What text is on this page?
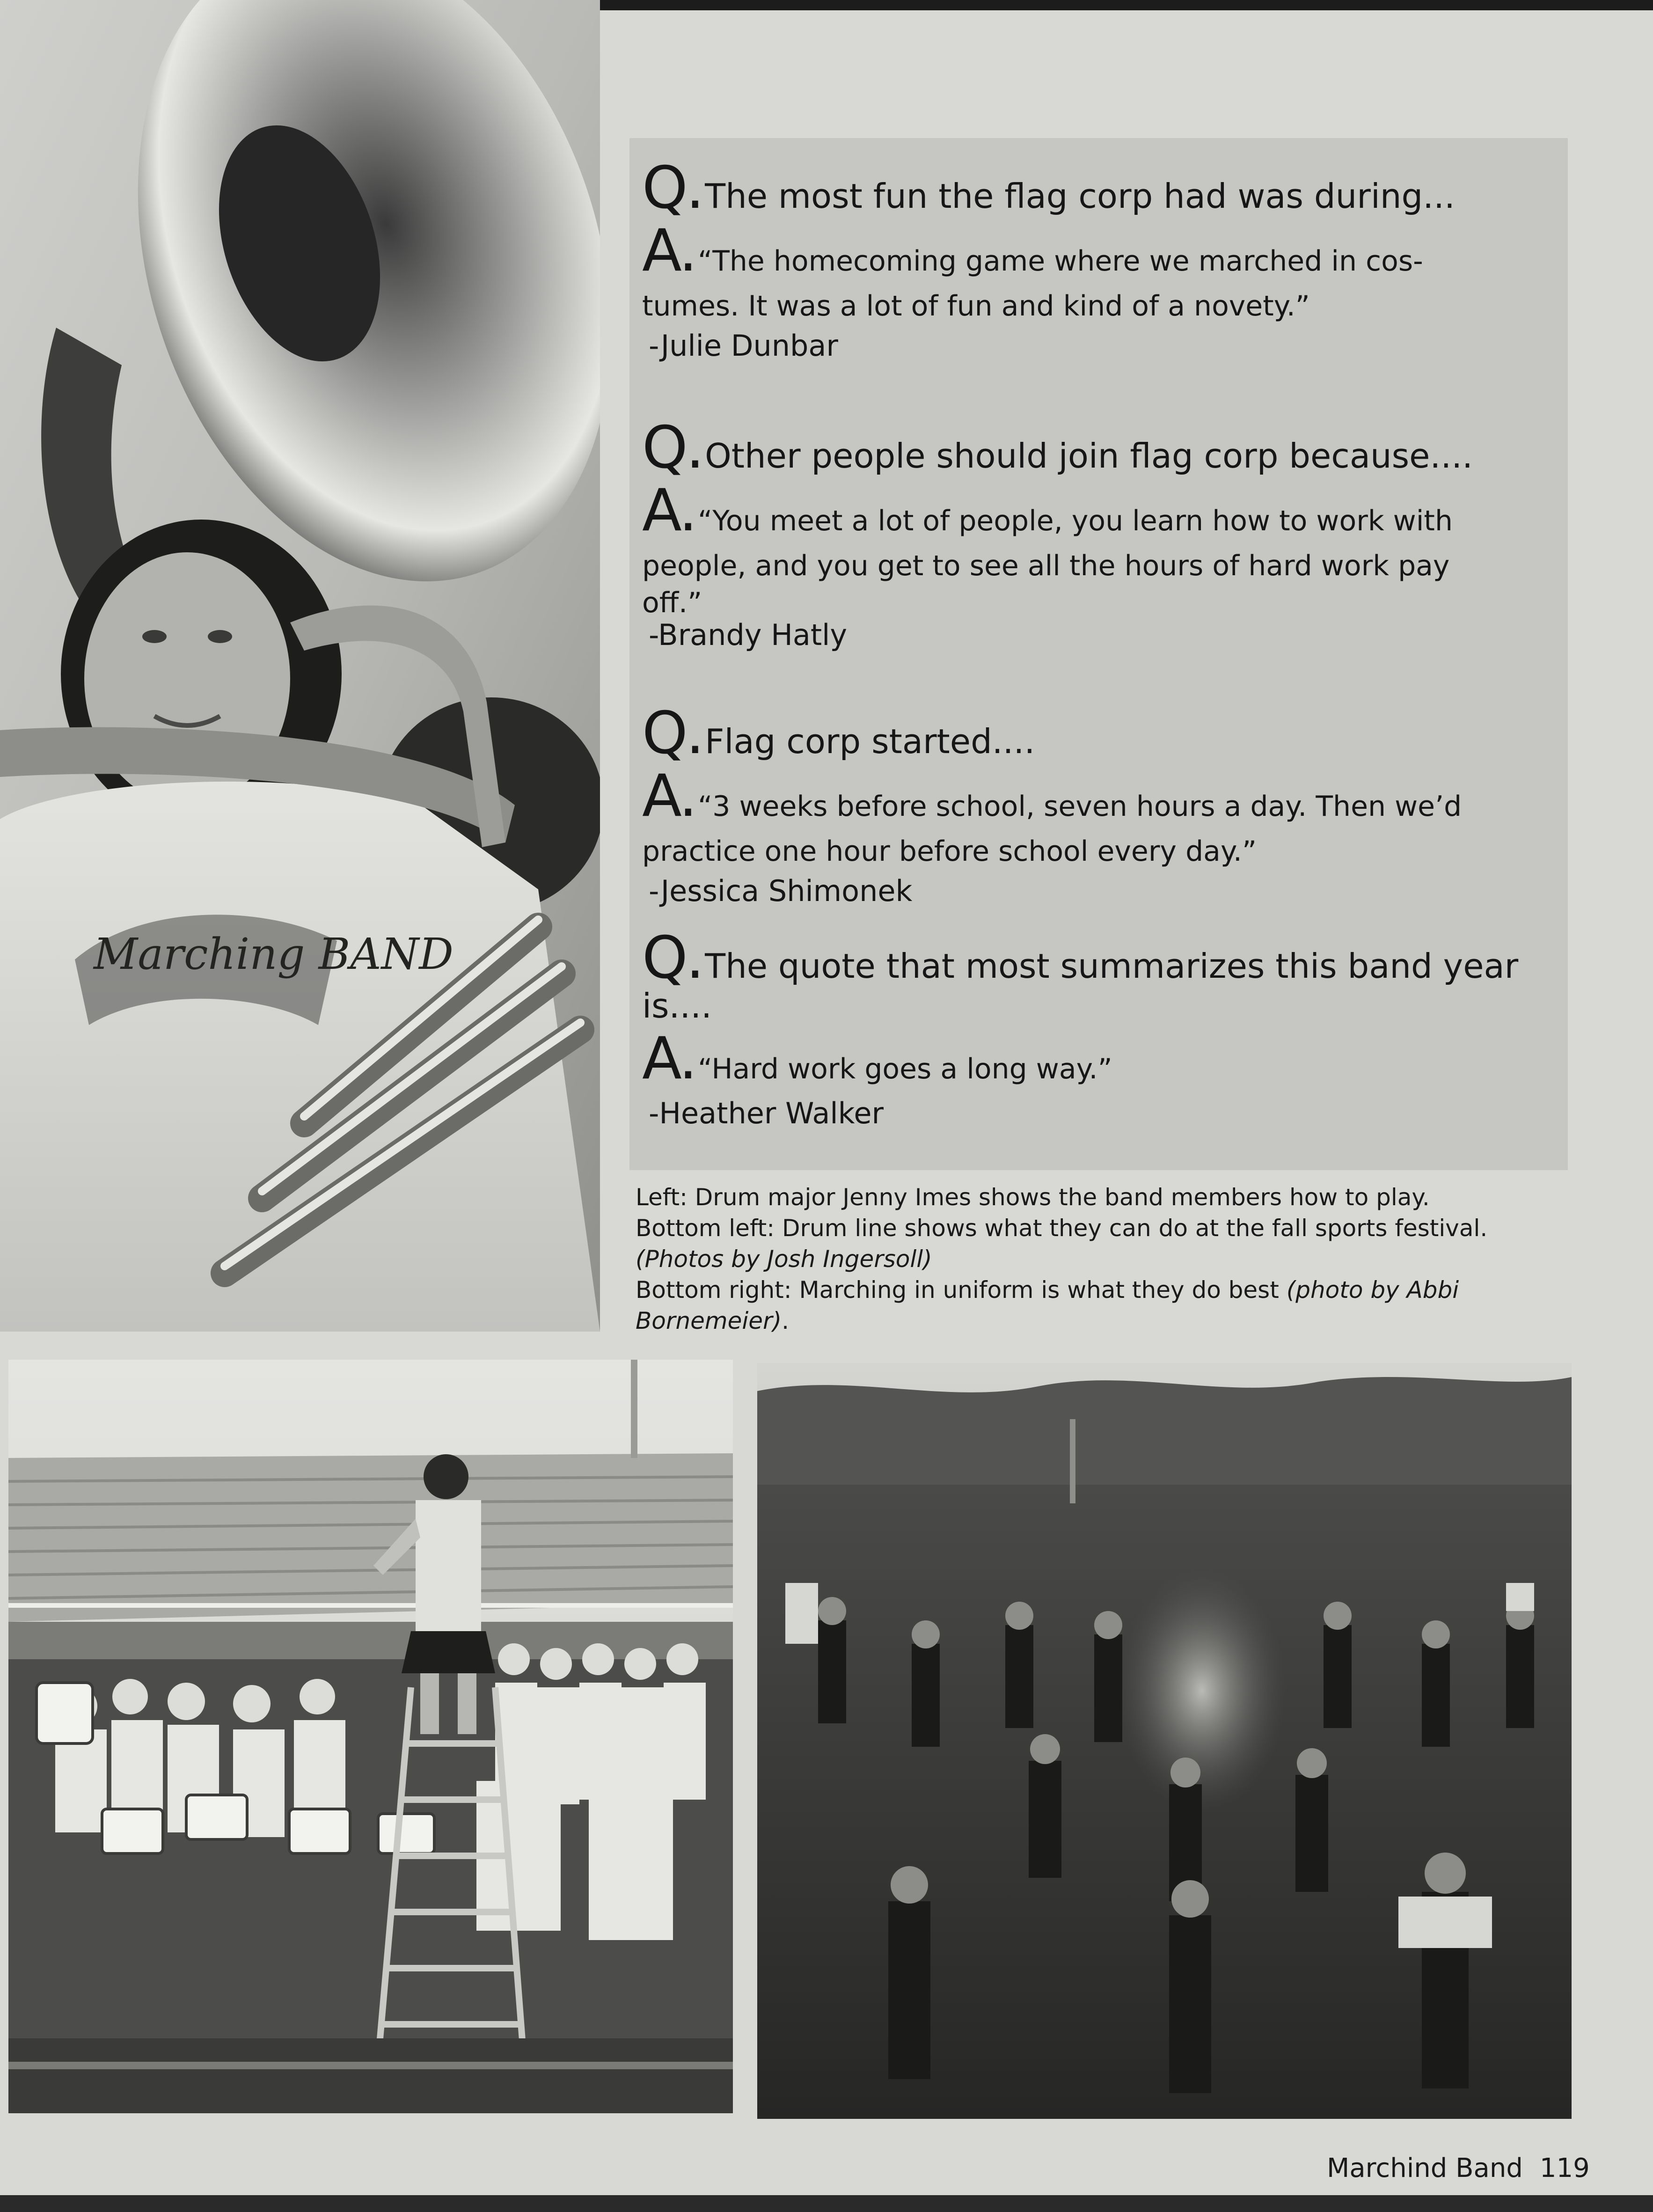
Marching BAND
Q. The most fun the flag corp had was during...
A. “The homecoming game where we marched in cos-
tumes. It was a lot of fun and kind of a novety.”
-Julie Dunbar
Q. Other people should join flag corp because....
A. “You meet a lot of people, you learn how to work with
people, and you get to see all the hours of hard work pay
off.”
-Brandy Hatly
Q. Flag corp started....
A. “3 weeks before school, seven hours a day. Then we’d
practice one hour before school every day.”
-Jessica Shimonek
Q. The quote that most summarizes this band year
is....
A. “Hard work goes a long way.”
-Heather Walker
Left: Drum major Jenny Imes shows the band members how to play.
Bottom left: Drum line shows what they can do at the fall sports festival.
(Photos by Josh Ingersoll)
Bottom right: Marching in uniform is what they do best (photo by Abbi
Bornemeier).
Marchind Band 119
